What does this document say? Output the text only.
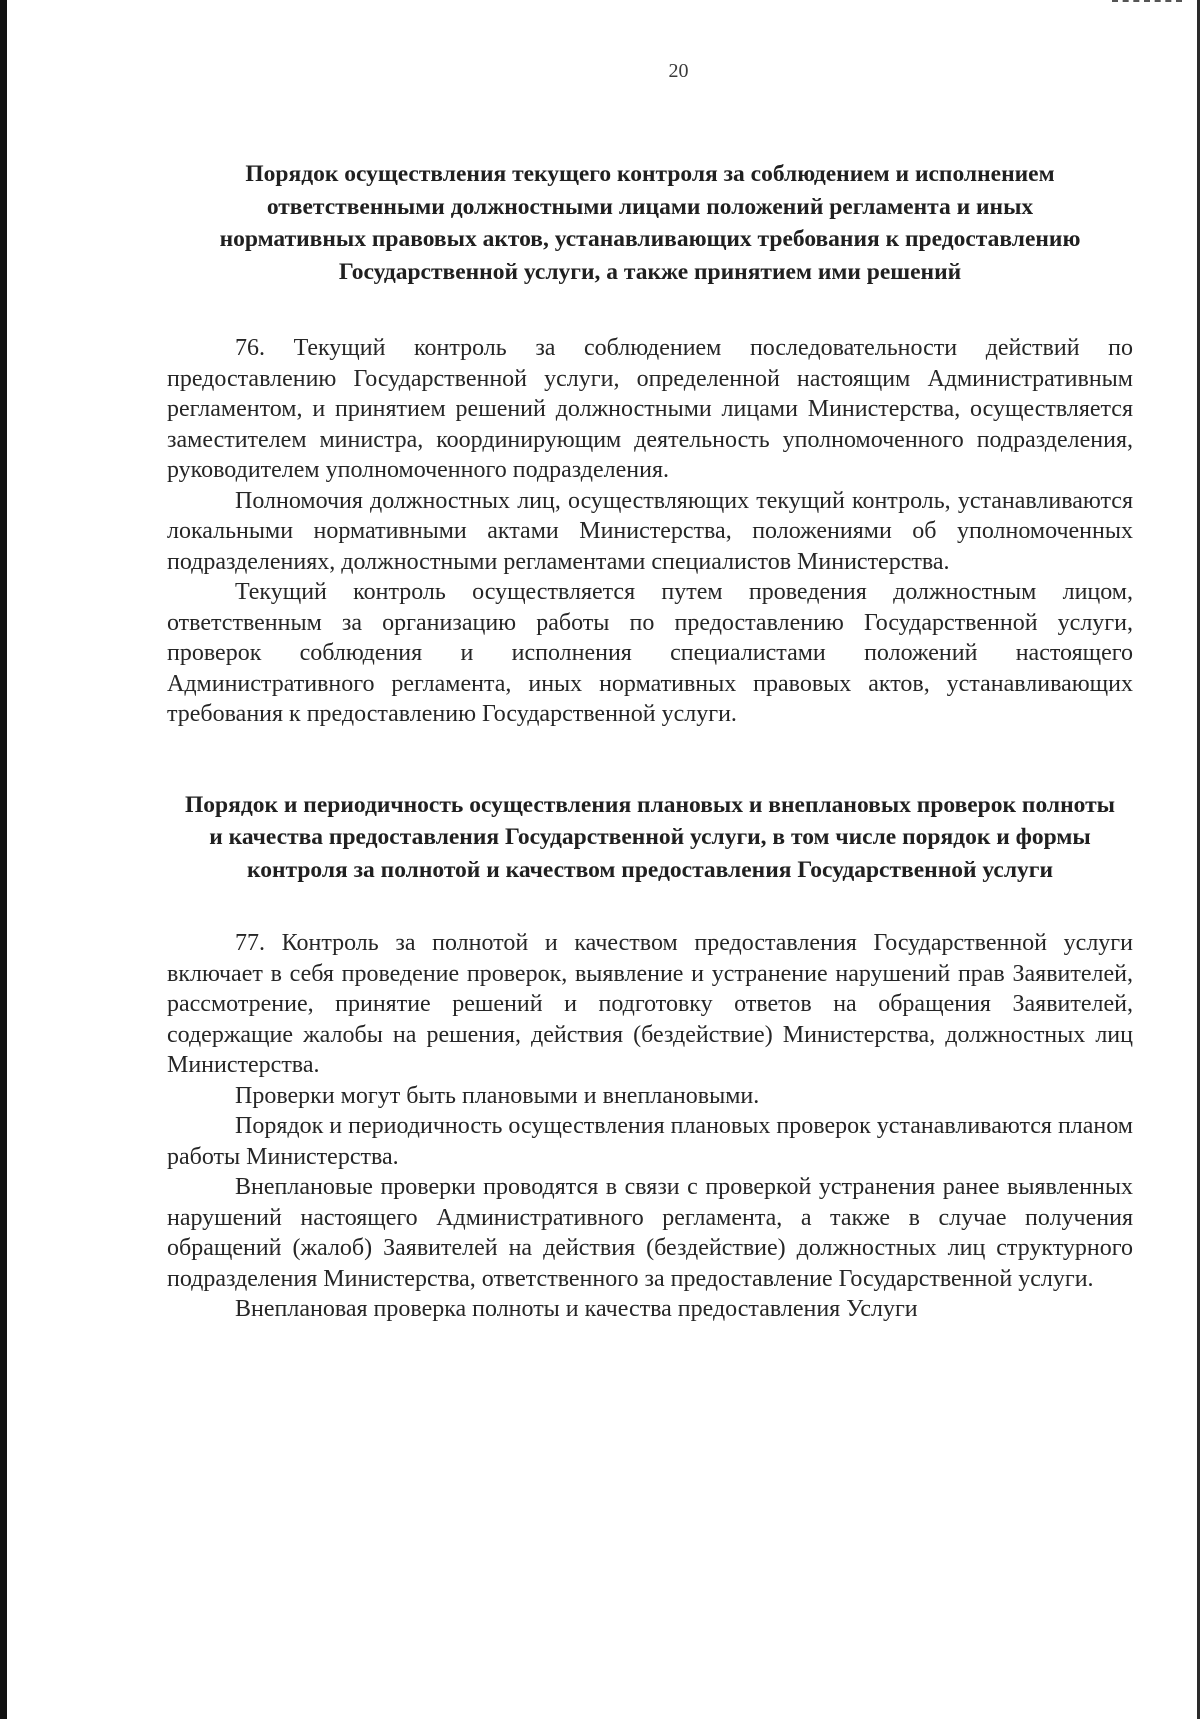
20
Порядок осуществления текущего контроля за соблюдением и исполнением ответственными должностными лицами положений регламента и иных нормативных правовых актов, устанавливающих требования к предоставлению Государственной услуги, а также принятием ими решений

76. Текущий контроль за соблюдением последовательности действий по предоставлению Государственной услуги, определенной настоящим Административным регламентом, и принятием решений должностными лицами Министерства, осуществляется заместителем министра, координирующим деятельность уполномоченного подразделения, руководителем уполномоченного подразделения.

Полномочия должностных лиц, осуществляющих текущий контроль, устанавливаются локальными нормативными актами Министерства, положениями об уполномоченных подразделениях, должностными регламентами специалистов Министерства.

Текущий контроль осуществляется путем проведения должностным лицом, ответственным за организацию работы по предоставлению Государственной услуги, проверок соблюдения и исполнения специалистами положений настоящего Административного регламента, иных нормативных правовых актов, устанавливающих требования к предоставлению Государственной услуги.

Порядок и периодичность осуществления плановых и внеплановых проверок полноты и качества предоставления Государственной услуги, в том числе порядок и формы контроля за полнотой и качеством предоставления Государственной услуги

77. Контроль за полнотой и качеством предоставления Государственной услуги включает в себя проведение проверок, выявление и устранение нарушений прав Заявителей, рассмотрение, принятие решений и подготовку ответов на обращения Заявителей, содержащие жалобы на решения, действия (бездействие) Министерства, должностных лиц Министерства.

Проверки могут быть плановыми и внеплановыми.

Порядок и периодичность осуществления плановых проверок устанавливаются планом работы Министерства.

Внеплановые проверки проводятся в связи с проверкой устранения ранее выявленных нарушений настоящего Административного регламента, а также в случае получения обращений (жалоб) Заявителей на действия (бездействие) должностных лиц структурного подразделения Министерства, ответственного за предоставление Государственной услуги.

Внеплановая проверка полноты и качества предоставления Услуги
